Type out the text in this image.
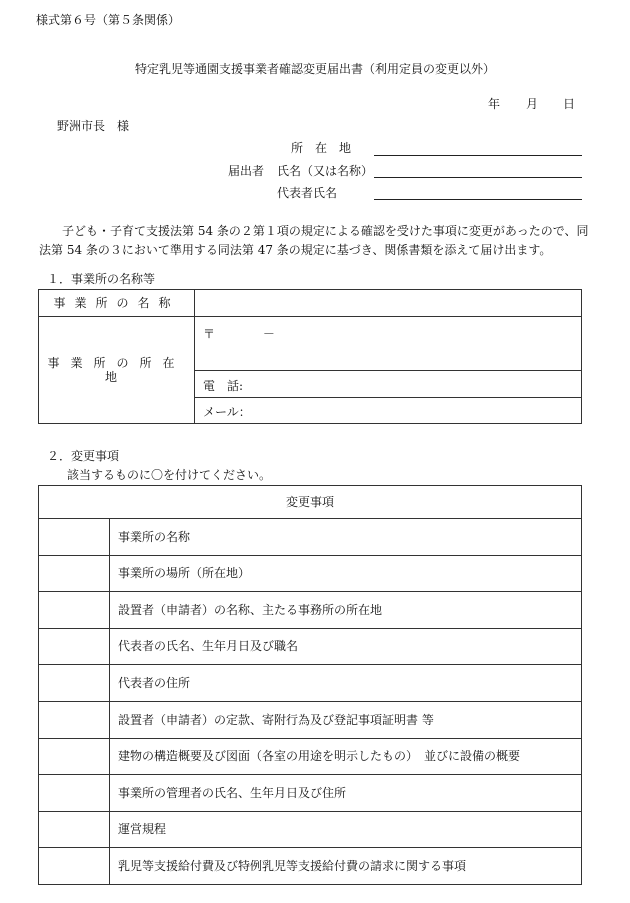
様式第６号（第５条関係）
特定乳児等通園支援事業者確認変更届出書（利用定員の変更以外）
年 月 日
野洲市長　様
所　在　地
届出者 氏名（又は名称）
代表者氏名
子ども・子育て支援法第 54 条の２第１項の規定による確認を受けた事項に変更があったので、同法第 54 条の３において準用する同法第 47 条の規定に基づき、関係書類を添えて届け出ます。
１．事業所の名称等
事業所の名称	
事業所の所在地	〒 －
	電　話:
	メール：
２．変更事項
該当するものに〇を付けてください。
変更事項	
	事業所の名称
	事業所の場所（所在地）
	設置者（申請者）の名称、主たる事務所の所在地
	代表者の氏名、生年月日及び職名
	代表者の住所
	設置者（申請者）の定款、寄附行為及び登記事項証明書 等
	建物の構造概要及び図面（各室の用途を明示したもの）　並びに設備の概要
	事業所の管理者の氏名、生年月日及び住所
	運営規程
	乳児等支援給付費及び特例乳児等支援給付費の請求に関する事項
